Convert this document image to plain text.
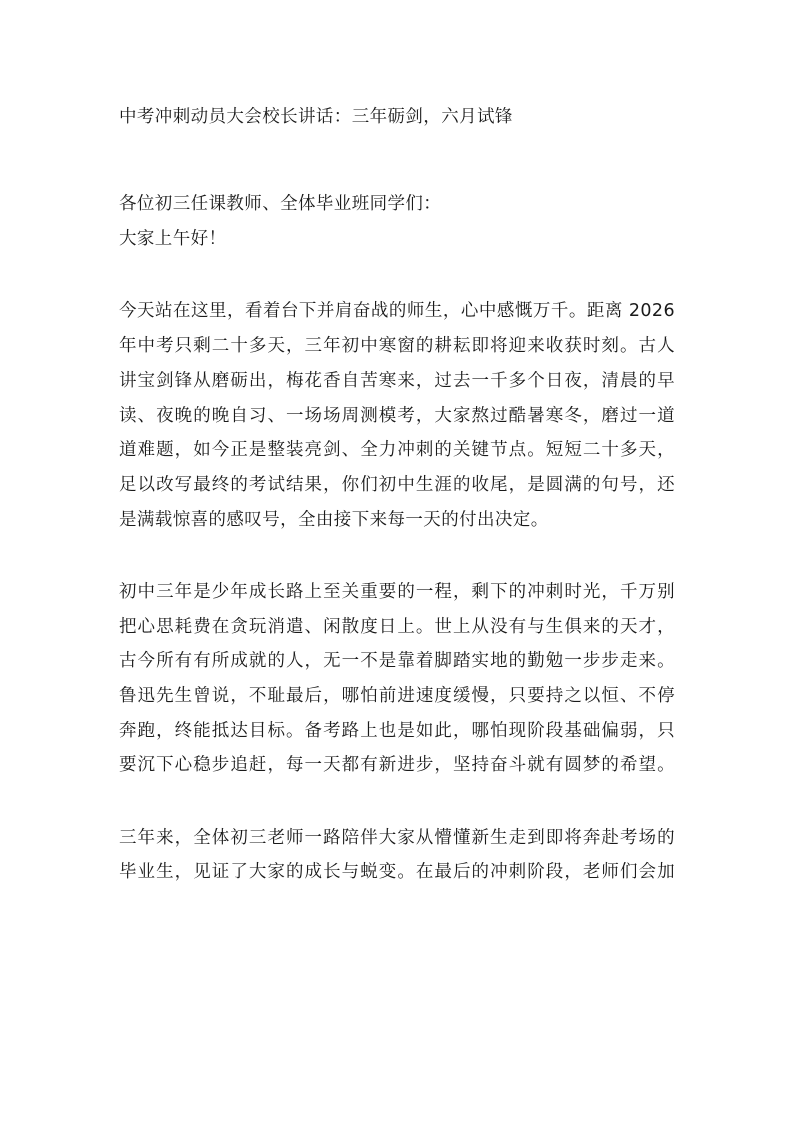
中考冲刺动员大会校长讲话：三年砺剑，六月试锋
各位初三任课教师、全体毕业班同学们：
大家上午好！
今天站在这里，看着台下并肩奋战的师生，心中感慨万千。距离 2026
年中考只剩二十多天，三年初中寒窗的耕耘即将迎来收获时刻。古人
讲宝剑锋从磨砺出，梅花香自苦寒来，过去一千多个日夜，清晨的早
读、夜晚的晚自习、一场场周测模考，大家熬过酷暑寒冬，磨过一道
道难题，如今正是整装亮剑、全力冲刺的关键节点。短短二十多天，
足以改写最终的考试结果，你们初中生涯的收尾，是圆满的句号，还
是满载惊喜的感叹号，全由接下来每一天的付出决定。
初中三年是少年成长路上至关重要的一程，剩下的冲刺时光，千万别
把心思耗费在贪玩消遣、闲散度日上。世上从没有与生俱来的天才，
古今所有有所成就的人，无一不是靠着脚踏实地的勤勉一步步走来。
鲁迅先生曾说，不耻最后，哪怕前进速度缓慢，只要持之以恒、不停
奔跑，终能抵达目标。备考路上也是如此，哪怕现阶段基础偏弱，只
要沉下心稳步追赶，每一天都有新进步，坚持奋斗就有圆梦的希望。
三年来，全体初三老师一路陪伴大家从懵懂新生走到即将奔赴考场的
毕业生，见证了大家的成长与蜕变。在最后的冲刺阶段，老师们会加
